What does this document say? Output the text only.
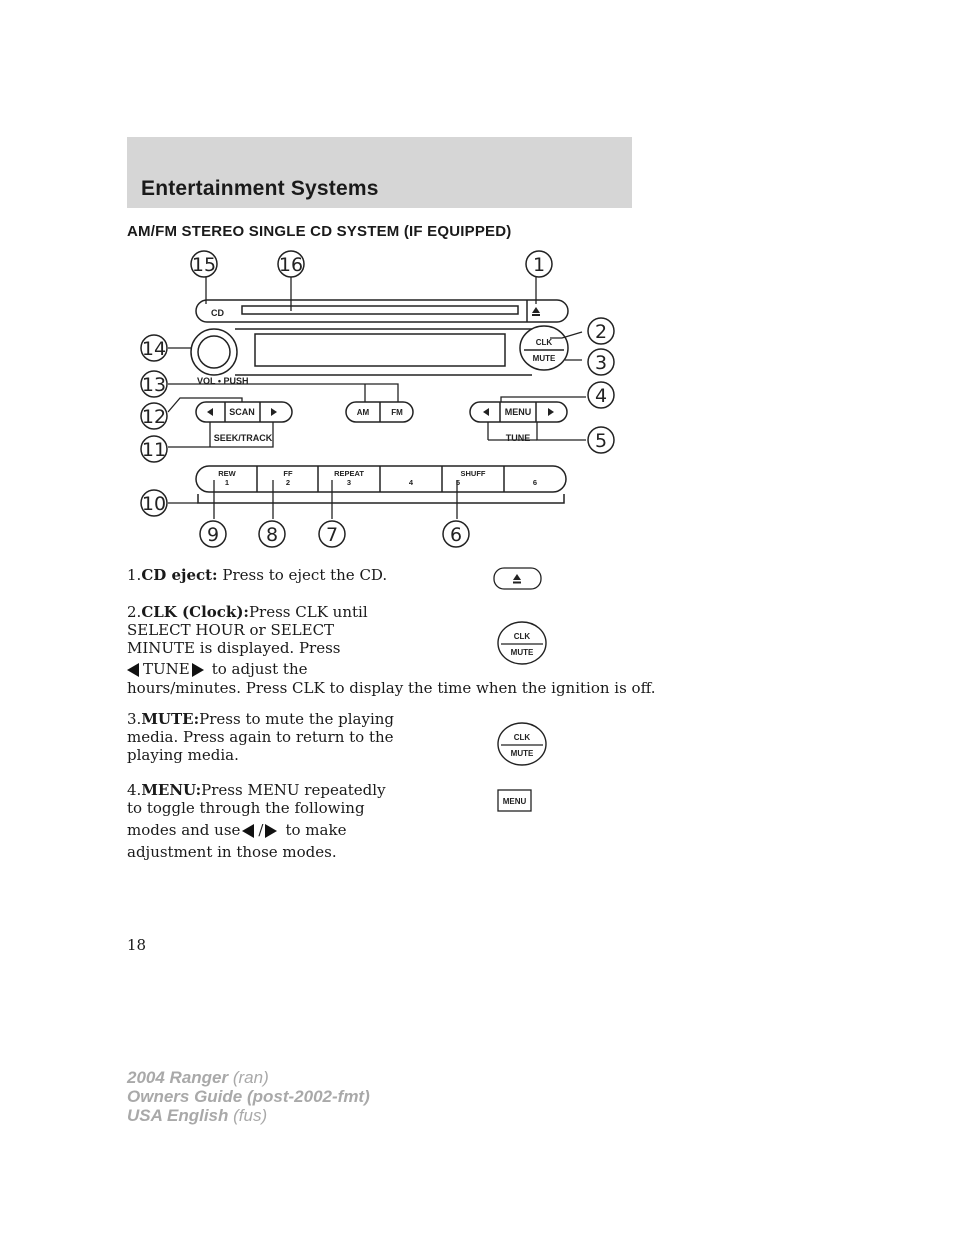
Entertainment Systems
AM/FM STEREO SINGLE CD SYSTEM (IF EQUIPPED)
CD
VOL • PUSH
CLK
MUTE
SCAN
SEEK/TRACK
AM	FM	MENU
TUNE
REW
1
FF
2
REPEAT
3	4
SHUFF
5	6
1
2
3
4
5
6
7
8
9
10
11
12
13
14
15	16

1.CD eject: Press to eject the CD.

2.CLK (Clock):Press CLK until
SELECT HOUR or SELECT
MINUTE is displayed. Press
TUNE to adjust the
hours/minutes. Press CLK to display the time when the ignition is off.
CLK
MUTE
3.MUTE:Press to mute the playing
media. Press again to return to the
playing media.
CLK
MUTE
4.MENU:Press MENU repeatedly
to toggle through the following
modes and use / to make
adjustment in those modes.
MENU

18

2004 Ranger (ran)
Owners Guide (post-2002-fmt)
USA English (fus)
